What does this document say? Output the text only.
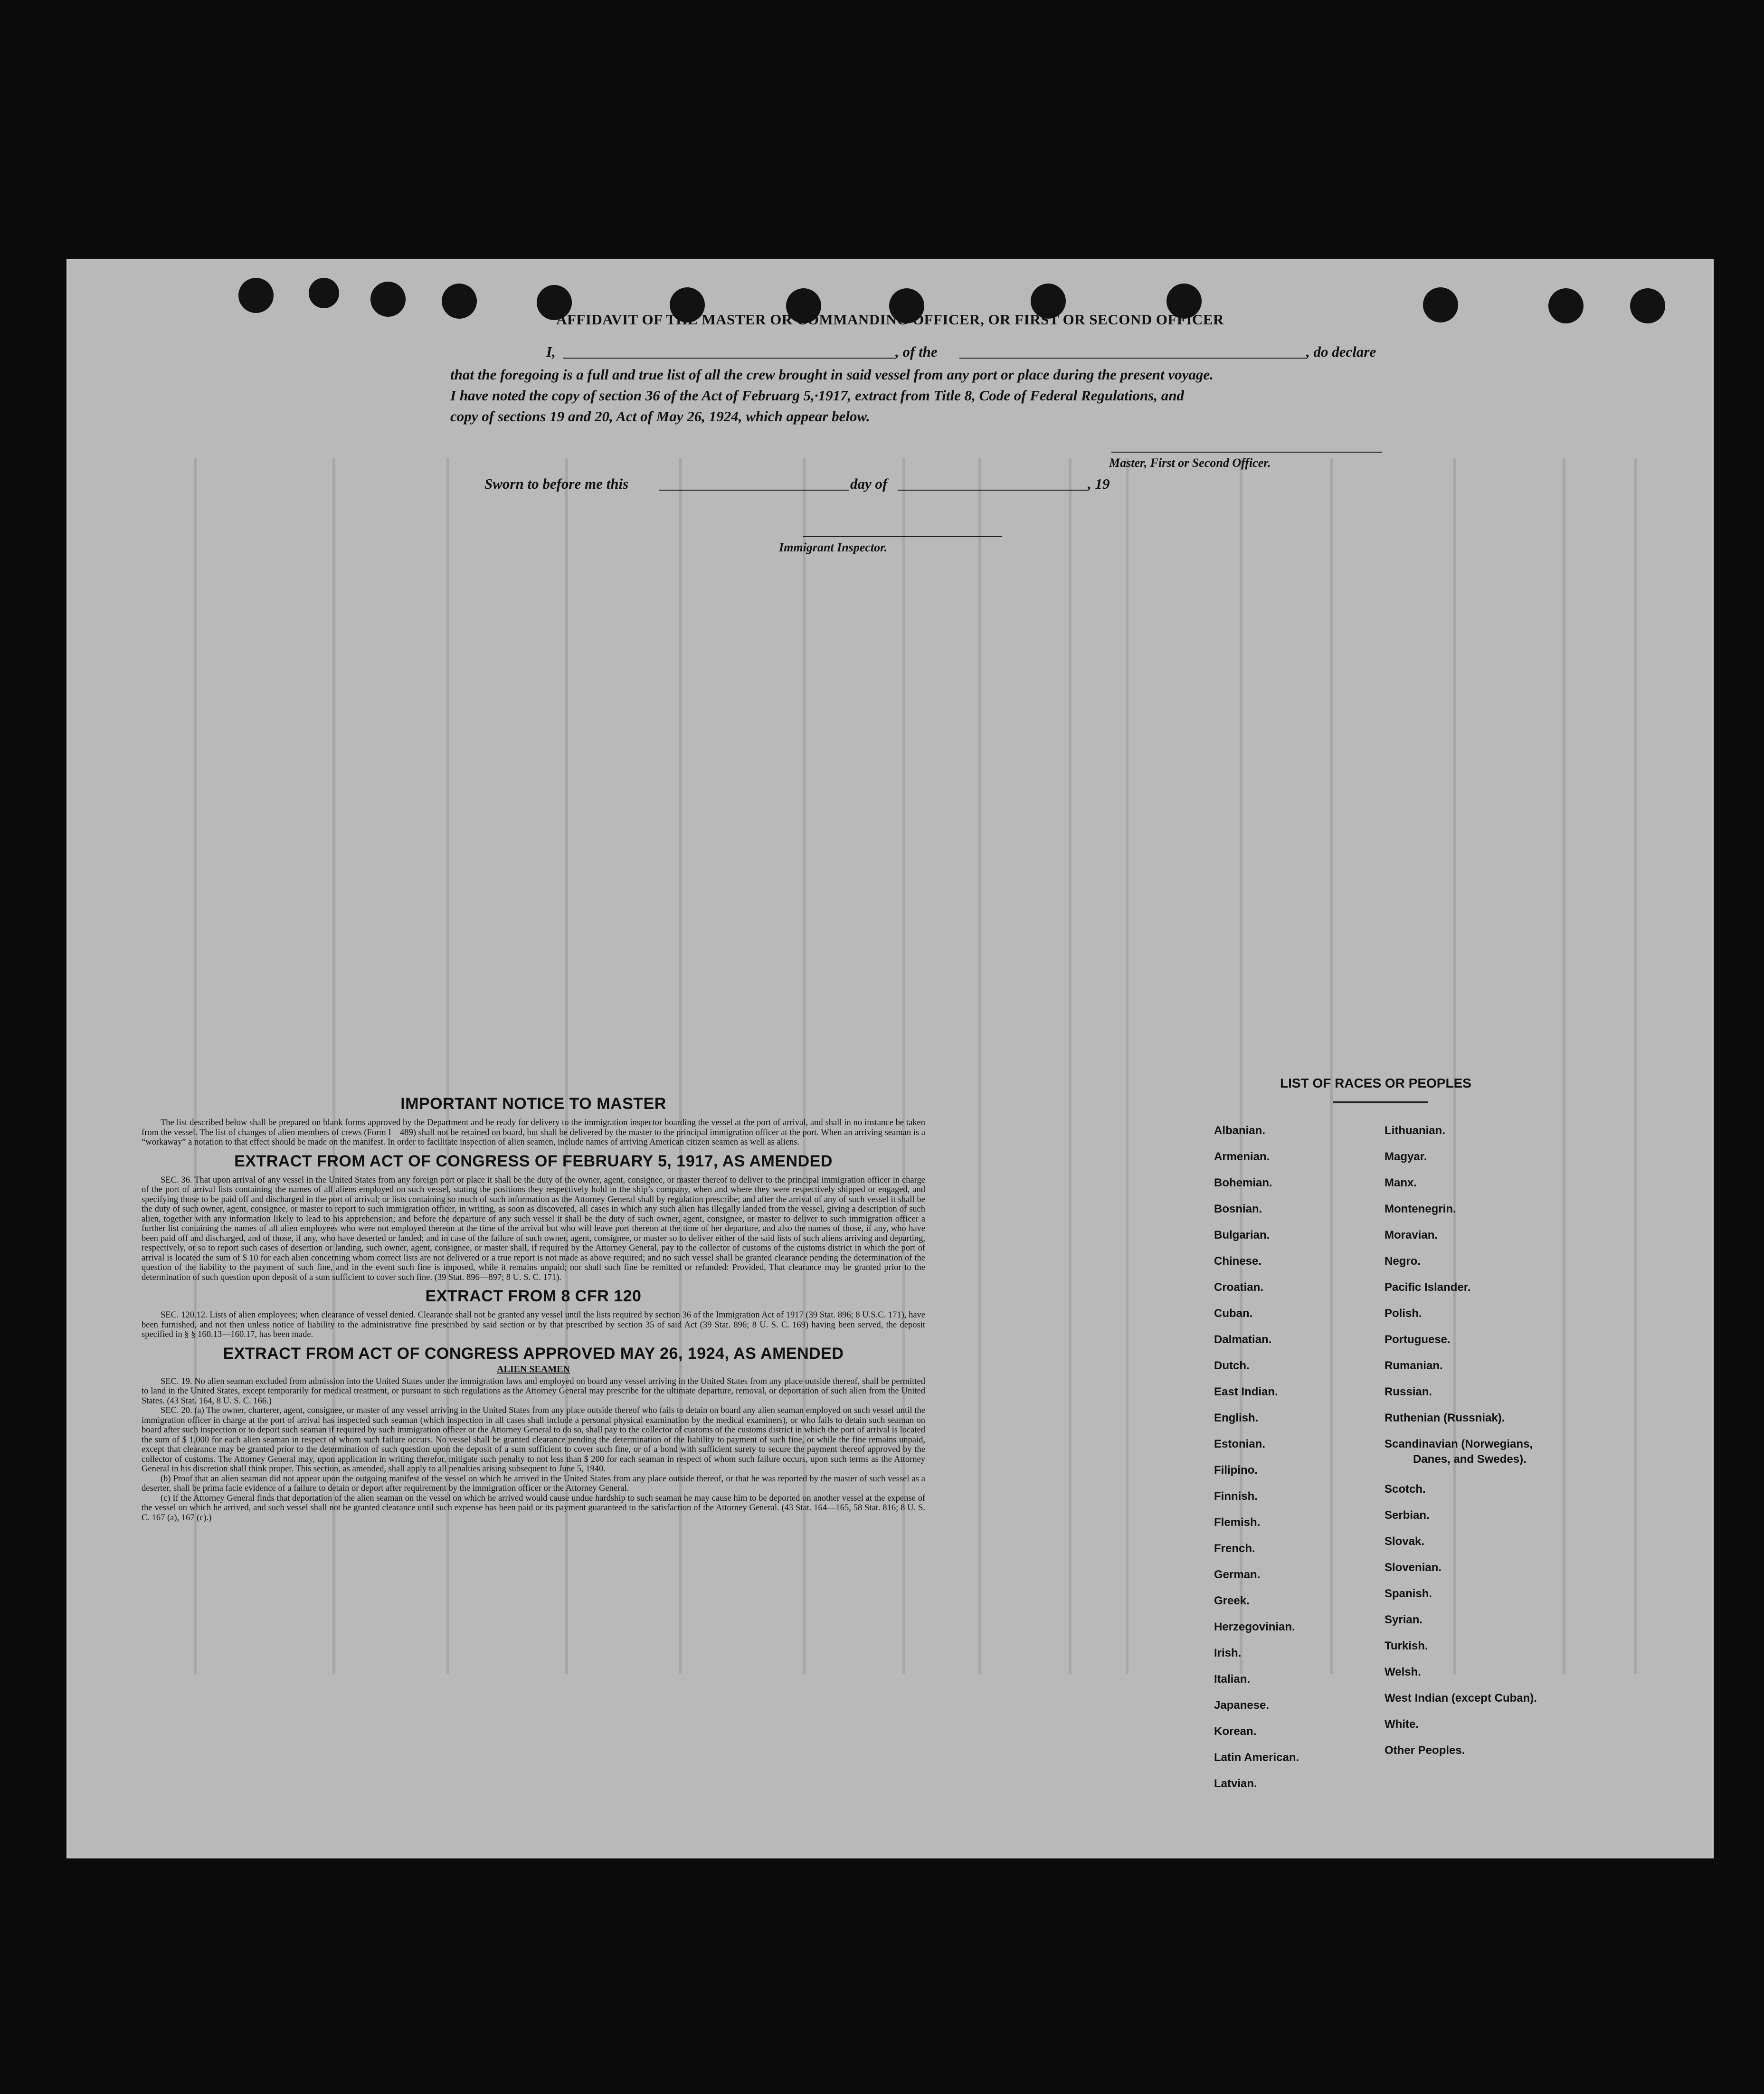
AFFIDAVIT OF THE MASTER OR COMMANDING OFFICER, OR FIRST OR SECOND OFFICER
I,	, of the	, do declare
that the foregoing is a full and true list of all the crew brought in said vessel from any port or place during the present voyage.
I have noted the copy of section 36 of the Act of Februarg 5,·1917, extract from Title 8, Code of Federal Regulations, and
copy of sections 19 and 20, Act of May 26, 1924, which appear below.
Master, First or Second Officer.
Sworn to before me this	day of	, 19
Immigrant Inspector.
IMPORTANT NOTICE TO MASTER

The list described below shall be prepared on blank forms approved by the Department and be ready for delivery to the immigration inspector boarding the vessel at the port of arrival, and shall in no instance be taken from the vessel. The list of changes of alien members of crews (Form I—489) shall not be retained on board, but shall be delivered by the master to the principal immigration officer at the port. When an arriving seaman is a “workaway” a notation to that effect should be made on the manifest. In order to facilitate inspection of alien seamen, include names of arriving American citizen seamen as well as aliens.

EXTRACT FROM ACT OF CONGRESS OF FEBRUARY 5, 1917, AS AMENDED

SEC. 36. That upon arrival of any vessel in the United States from any foreign port or place it shall be the duty of the owner, agent, consignee, or master thereof to deliver to the principal immigration officer in charge of the port of arrival lists containing the names of all aliens employed on such vessel, stating the positions they respectively hold in the ship’s company, when and where they were respectively shipped or engaged, and specifying those to be paid off and discharged in the port of arrival; or lists containing so much of such information as the Attorney General shall by regulation prescribe; and after the arrival of any of such vessel it shall be the duty of such owner, agent, consignee, or master to report to such immigration officer, in writing, as soon as discovered, all cases in which any such alien has illegally landed from the vessel, giving a description of such alien, together with any information likely to lead to his apprehension; and before the departure of any such vessel it shall be the duty of such owner, agent, consignee, or master to deliver to such immigration officer a further list containing the names of all alien employees who were not employed thereon at the time of the arrival but who will leave port thereon at the time of her departure, and also the names of those, if any, who have been paid off and discharged, and of those, if any, who have deserted or landed; and in case of the failure of such owner, agent, consignee, or master so to deliver either of the said lists of such aliens arriving and departing, respectively, or so to report such cases of desertion or landing, such owner, agent, consignee, or master shall, if required by the Attorney General, pay to the collector of customs of the customs district in which the port of arrival is located the sum of $ 10 for each alien concerning whom correct lists are not delivered or a true report is not made as above required; and no such vessel shall be granted clearance pending the determination of the question of the liability to the payment of such fine, and in the event such fine is imposed, while it remains unpaid; nor shall such fine be remitted or refunded: Provided, That clearance may be granted prior to the determination of such question upon deposit of a sum sufficient to cover such fine. (39 Stat. 896—897; 8 U. S. C. 171).

EXTRACT FROM 8 CFR 120

SEC. 120.12. Lists of alien employees; when clearance of vessel denied. Clearance shall not be granted any vessel until the lists required by section 36 of the Immigration Act of 1917 (39 Stat. 896; 8 U.S.C. 171), have been furnished, and not then unless notice of liability to the administrative fine prescribed by said section or by that prescribed by section 35 of said Act (39 Stat. 896; 8 U. S. C. 169) having been served, the deposit specified in § § 160.13—160.17, has been made.

EXTRACT FROM ACT OF CONGRESS APPROVED MAY 26, 1924, AS AMENDED
ALIEN SEAMEN

SEC. 19. No alien seaman excluded from admission into the United States under the immigration laws and employed on board any vessel arriving in the United States from any place outside thereof, shall be permitted to land in the United States, except temporarily for medical treatment, or pursuant to such regulations as the Attorney General may prescribe for the ultimate departure, removal, or deportation of such alien from the United States. (43 Stat. 164, 8 U. S. C. 166.)

SEC. 20. (a) The owner, charterer, agent, consignee, or master of any vessel arriving in the United States from any place outside thereof who fails to detain on board any alien seaman employed on such vessel until the immigration officer in charge at the port of arrival has inspected such seaman (which inspection in all cases shall include a personal physical examination by the medical examiners), or who fails to detain such seaman on board after such inspection or to deport such seaman if required by such immigration officer or the Attorney General to do so, shall pay to the collector of customs of the customs district in which the port of arrival is located the sum of $ 1,000 for each alien seaman in respect of whom such failure occurs. No vessel shall be granted clearance pending the determination of the liability to payment of such fine, or while the fine remains unpaid, except that clearance may be granted prior to the determination of such question upon the deposit of a sum sufficient to cover such fine, or of a bond with sufficient surety to secure the payment thereof approved by the collector of customs. The Attorney General may, upon application in writing therefor, mitigate such penalty to not less than $ 200 for each seaman in respect of whom such failure occurs, upon such terms as the Attorney General in his discretion shall think proper. This section, as amended, shall apply to all penalties arising subsequent to June 5, 1940.

(b) Proof that an alien seaman did not appear upon the outgoing manifest of the vessel on which he arrived in the United States from any place outside thereof, or that he was reported by the master of such vessel as a deserter, shall be prima facie evidence of a failure to detain or deport after requirement by the immigration officer or the Attorney General.

(c) If the Attorney General finds that deportation of the alien seaman on the vessel on which he arrived would cause undue hardship to such seaman he may cause him to be deported on another vessel at the expense of the vessel on which he arrived, and such vessel shall not be granted clearance until such expense has been paid or its payment guaranteed to the satisfaction of the Attorney General. (43 Stat. 164—165, 58 Stat. 816; 8 U. S. C. 167 (a), 167 (c).)

LIST OF RACES OR PEOPLES
Albanian.
Armenian.
Bohemian.
Bosnian.
Bulgarian.
Chinese.
Croatian.
Cuban.
Dalmatian.
Dutch.
East Indian.
English.
Estonian.
Filipino.
Finnish.
Flemish.
French.
German.
Greek.
Herzegovinian.
Irish.
Italian.
Japanese.
Korean.
Latin American.
Latvian.
Lithuanian.
Magyar.
Manx.
Montenegrin.
Moravian.
Negro.
Pacific Islander.
Polish.
Portuguese.
Rumanian.
Russian.
Ruthenian (Russniak).
Scandinavian (Norwegians,
Danes, and Swedes).
Scotch.
Serbian.
Slovak.
Slovenian.
Spanish.
Syrian.
Turkish.
Welsh.
West Indian (except Cuban).
White.
Other Peoples.
